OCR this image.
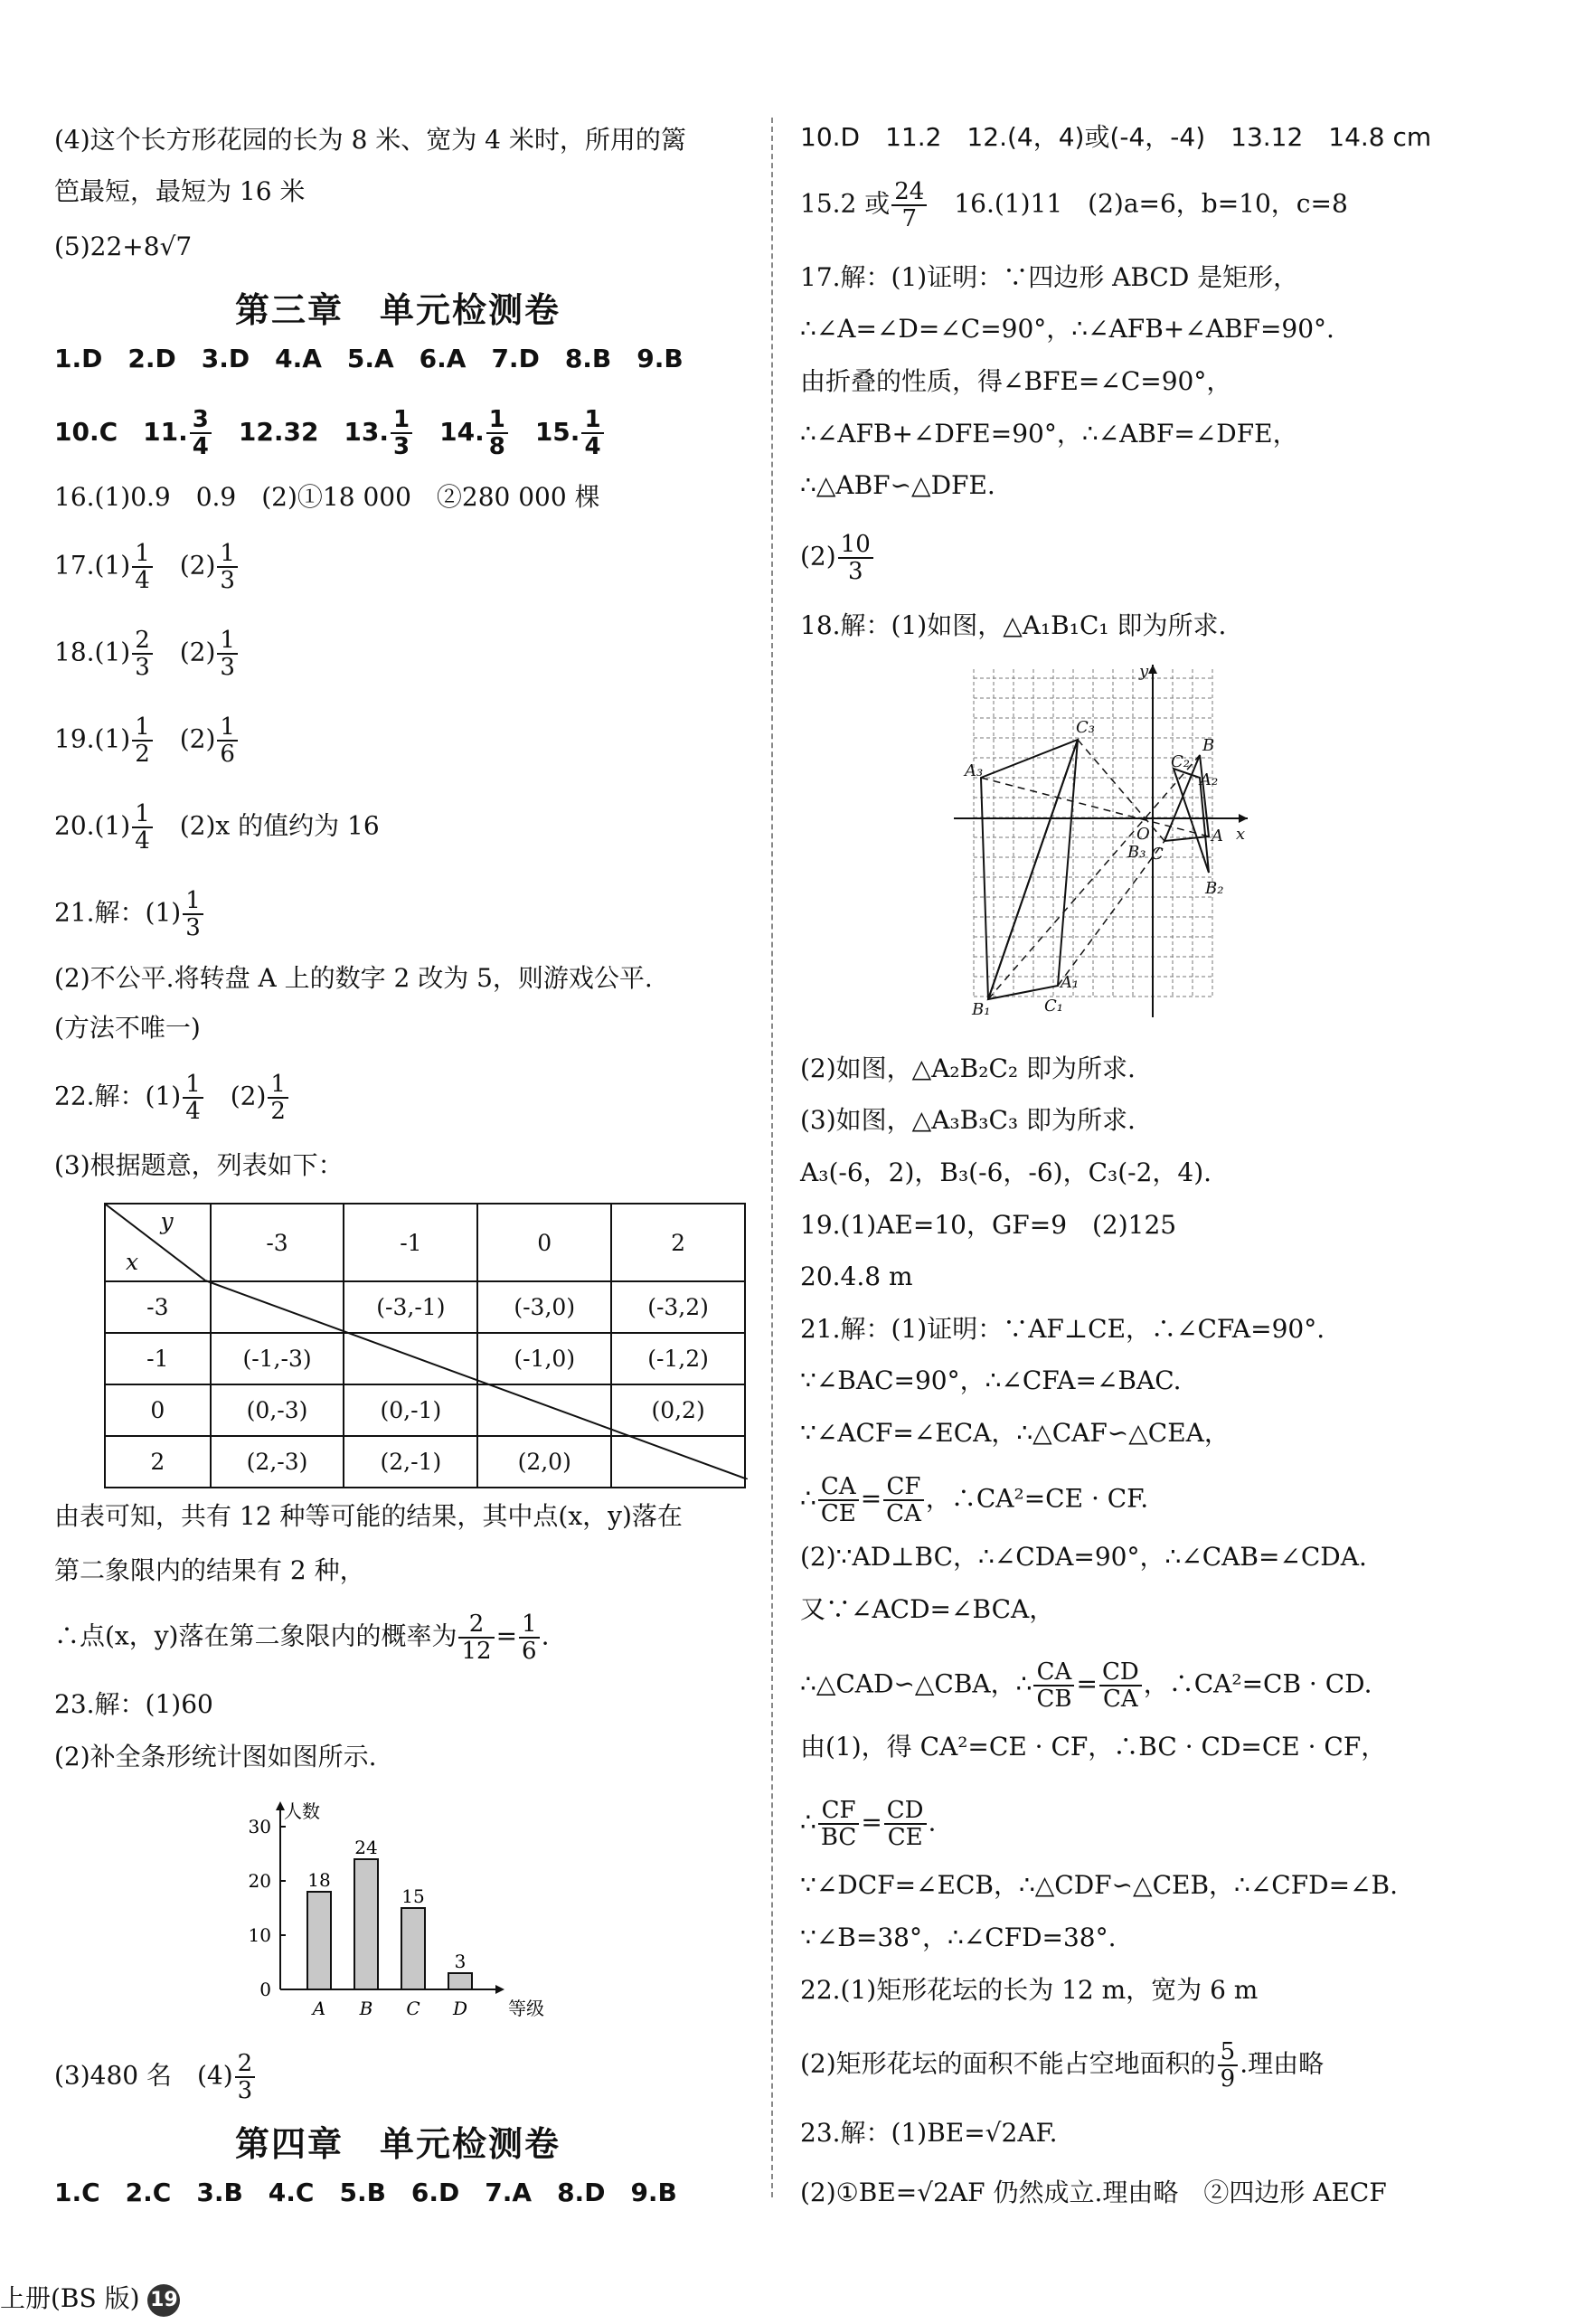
(4)这个长方形花园的长为 8 米、宽为 4 米时，所用的篱
笆最短，最短为 16 米
(5)22+8√7
第三章　单元检测卷
1.D　2.D　3.D　4.A　5.A　6.A　7.D　8.B　9.B
10.C　11. $\frac{3}{4}$ 　12.32　13. $\frac{1}{3}$ 　14. $\frac{1}{8}$ 　15. $\frac{1}{4}$
16.(1)0.9　0.9　(2)①18 000　②280 000 棵
$17.(1) \frac{1}{4}$ 　$(2) \frac{1}{3}$
$18.(1) \frac{2}{3}$ 　$(2) \frac{1}{3}$
$19.(1) \frac{1}{2}$ 　$(2) \frac{1}{6}$
$20.(1) \frac{1}{4}$ 　(2)x 的值约为 16
21.解：$(1) \frac{1}{3}$
(2)不公平.将转盘 A 上的数字 2 改为 5，则游戏公平.
(方法不唯一)
22.解：$(1) \frac{1}{4}$ 　$(2) \frac{1}{2}$
(3)根据题意，列表如下：
y
x	-3	-1	0	2
-3		(-3,-1)	(-3,0)	(-3,2)
-1	(-1,-3)		(-1,0)	(-1,2)
0	(0,-3)	(0,-1)		(0,2)
2	(2,-3)	(2,-1)	(2,0)	
由表可知，共有 12 种等可能的结果，其中点(x，y)落在
第二象限内的结果有 2 种，
∴点(x，y)落在第二象限内的概率为 $\frac{2}{12} = \frac{1}{6}$ .
23.解：(1)60
(2)补全条形统计图如图所示.
人数
等级
30
20
10
0
18
A
24
B
15
C
3
D
(3)480 名　$(4) \frac{2}{3}$
第四章　单元检测卷
1.C　2.C　3.B　4.C　5.B　6.D　7.A　8.D　9.B
10.D　11.2　12.(4，4)或(-4，-4)　13.12　14.8 cm
15.2 或 $\frac{24}{7}$ 　16.(1)11　(2)a=6，b=10，c=8
17.解：(1)证明：∵四边形 ABCD 是矩形，
∴∠A=∠D=∠C=90°，∴∠AFB+∠ABF=90°.
由折叠的性质，得∠BFE=∠C=90°，
∴∠AFB+∠DFE=90°，∴∠ABF=∠DFE，
∴△ABF∽△DFE.
$(2) \frac{10}{3}$
18.解：(1)如图，△A₁B₁C₁ 即为所求.
y
x
O	A
B
C
A₁
B₁	C₁
A₂
B₂
C₂
A₃
B₃
C₃
(2)如图，△A₂B₂C₂ 即为所求.
(3)如图，△A₃B₃C₃ 即为所求.
A₃(-6，2)，B₃(-6，-6)，C₃(-2，4).
19.(1)AE=10，GF=9　(2)125
20.4.8 m
21.解：(1)证明：∵AF⊥CE，∴∠CFA=90°.
∵∠BAC=90°，∴∠CFA=∠BAC.
∵∠ACF=∠ECA，∴△CAF∽△CEA，
∴ $\frac{CA}{CE} = \frac{CF}{CA}$ ，∴CA²=CE · CF.
(2)∵AD⊥BC，∴∠CDA=90°，∴∠CAB=∠CDA.
又∵∠ACD=∠BCA，
∴△CAD∽△CBA，∴ $\frac{CA}{CB} = \frac{CD}{CA}$ ，∴CA²=CB · CD.
由(1)，得 CA²=CE · CF，∴BC · CD=CE · CF，
∴ $\frac{CF}{BC} = \frac{CD}{CE}$ .
∵∠DCF=∠ECB，∴△CDF∽△CEB，∴∠CFD=∠B.
∵∠B=38°，∴∠CFD=38°.
22.(1)矩形花坛的长为 12 m，宽为 6 m
(2)矩形花坛的面积不能占空地面积的 $\frac{5}{9}$ .理由略
23.解：(1)BE=√2AF.
(2)①BE=√2AF 仍然成立.理由略　②四边形 AECF
上册(BS 版) 19
